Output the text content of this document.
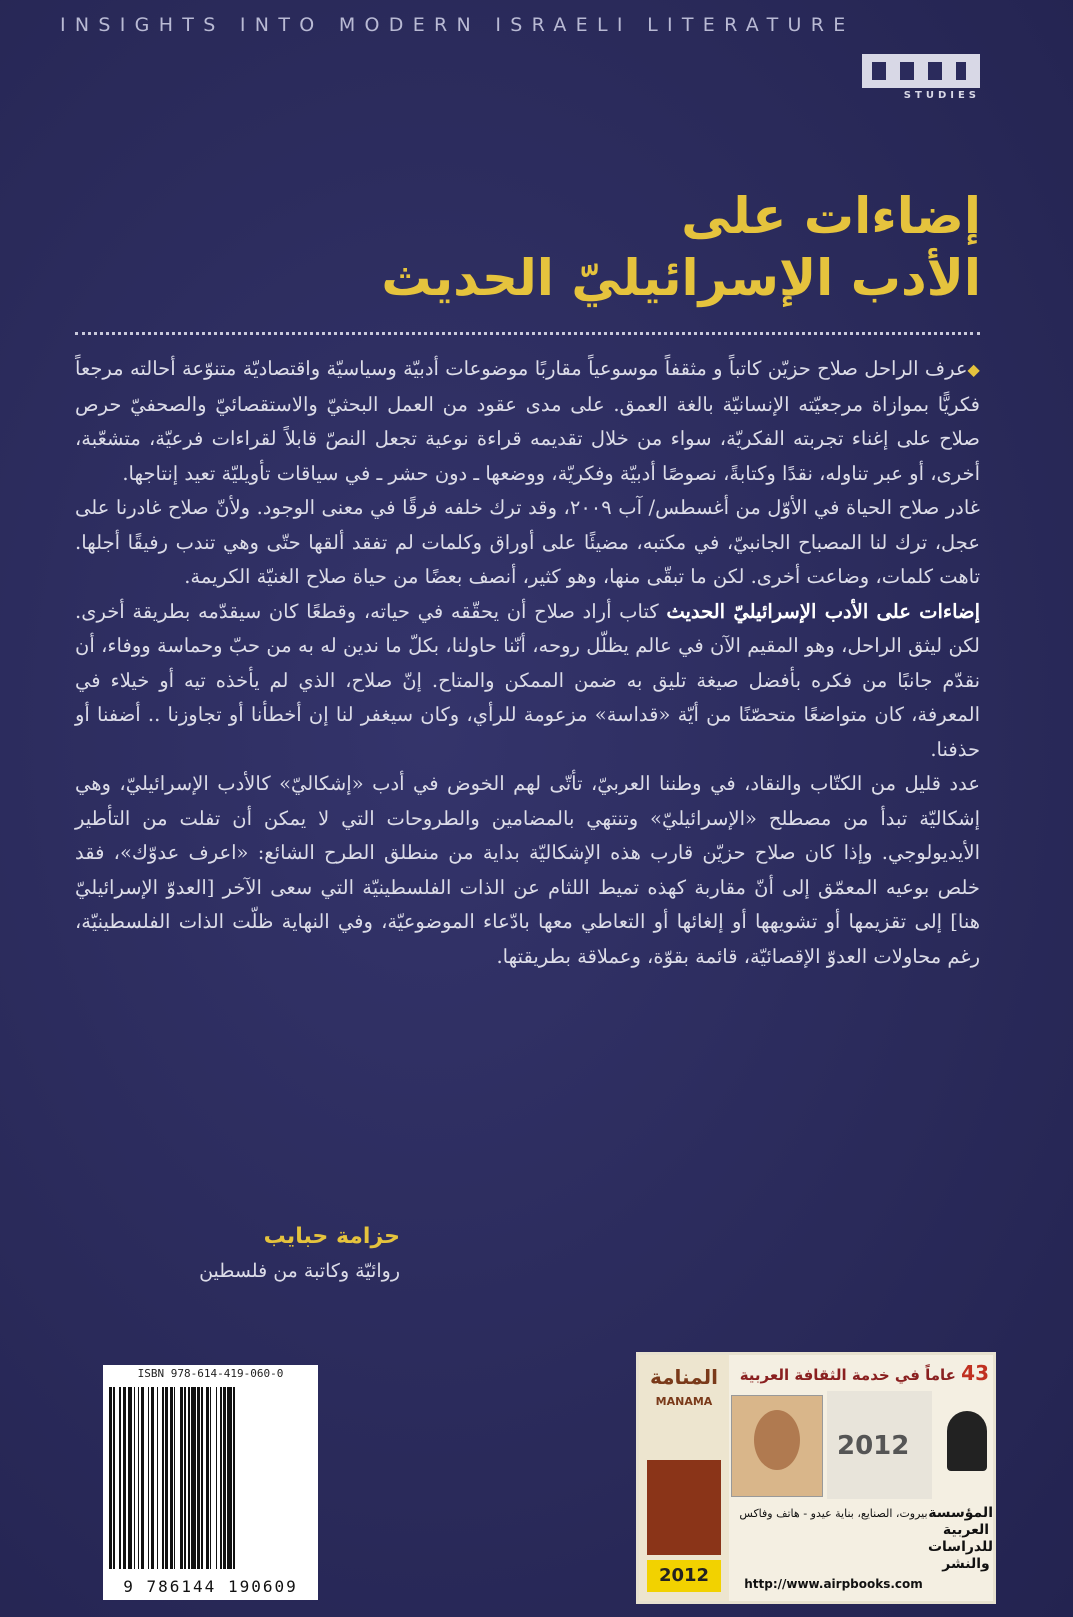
INSIGHTS INTO MODERN ISRAELI LITERATURE
STUDIES
إضاءات على
الأدب الإسرائيليّ الحديث

◆عرف الراحل صلاح حزيّن كاتباً و مثقفاً موسوعياً مقاربًا موضوعات أدبيّة وسياسيّة واقتصاديّة متنوّعة أحالته مرجعاً فكريًّا بموازاة مرجعيّته الإنسانيّة بالغة العمق. على مدى عقود من العمل البحثيّ والاستقصائيّ والصحفيّ حرص صلاح على إغناء تجربته الفكريّة، سواء من خلال تقديمه قراءة نوعية تجعل النصّ قابلاً لقراءات فرعيّة، متشعّبة، أخرى، أو عبر تناوله، نقدًا وكتابةً، نصوصًا أدبيّة وفكريّة، ووضعها ـ دون حشر ـ في سياقات تأويليّة تعيد إنتاجها.

غادر صلاح الحياة في الأوّل من أغسطس/ آب ٢٠٠٩، وقد ترك خلفه فرقًا في معنى الوجود. ولأنّ صلاح غادرنا على عجل، ترك لنا المصباح الجانبيّ، في مكتبه، مضيئًا على أوراق وكلمات لم تفقد ألقها حتّى وهي تندب رفيقًا أجلها. تاهت كلمات، وضاعت أخرى. لكن ما تبقّى منها، وهو كثير، أنصف بعضًا من حياة صلاح الغنيّة الكريمة.

إضاءات على الأدب الإسرائيليّ الحديث كتاب أراد صلاح أن يحقّقه في حياته، وقطعًا كان سيقدّمه بطريقة أخرى. لكن ليثق الراحل، وهو المقيم الآن في عالم يظلّل روحه، أنّنا حاولنا، بكلّ ما ندين له به من حبّ وحماسة ووفاء، أن نقدّم جانبًا من فكره بأفضل صيغة تليق به ضمن الممكن والمتاح. إنّ صلاح، الذي لم يأخذه تيه أو خيلاء في المعرفة، كان متواضعًا متحصّنًا من أيّة «قداسة» مزعومة للرأي، وكان سيغفر لنا إن أخطأنا أو تجاوزنا .. أضفنا أو حذفنا.

عدد قليل من الكتّاب والنقاد، في وطننا العربيّ، تأتّى لهم الخوض في أدب «إشكاليّ» كالأدب الإسرائيليّ، وهي إشكاليّة تبدأ من مصطلح «الإسرائيليّ» وتنتهي بالمضامين والطروحات التي لا يمكن أن تفلت من التأطير الأيديولوجي. وإذا كان صلاح حزيّن قارب هذه الإشكاليّة بداية من منطلق الطرح الشائع: «اعرف عدوّك»، فقد خلص بوعيه المعمّق إلى أنّ مقاربة كهذه تميط اللثام عن الذات الفلسطينيّة التي سعى الآخر [العدوّ الإسرائيليّ هنا] إلى تقزيمها أو تشويهها أو إلغائها أو التعاطي معها بادّعاء الموضوعيّة، وفي النهاية ظلّت الذات الفلسطينيّة، رغم محاولات العدوّ الإقصائيّة، قائمة بقوّة، وعملاقة بطريقتها.

حزامة حبايب
روائيّة وكاتبة من فلسطين
ISBN 978-614-419-060-0
9 786144 190609
المنامة
MANAMA
2012
43 عاماً في خدمة الثقافة العربية
2012
المؤسسة العربية للدراسات والنشر
بيروت، الصنايع، بناية عيدو - هاتف وفاكس
http://www.airpbooks.com
